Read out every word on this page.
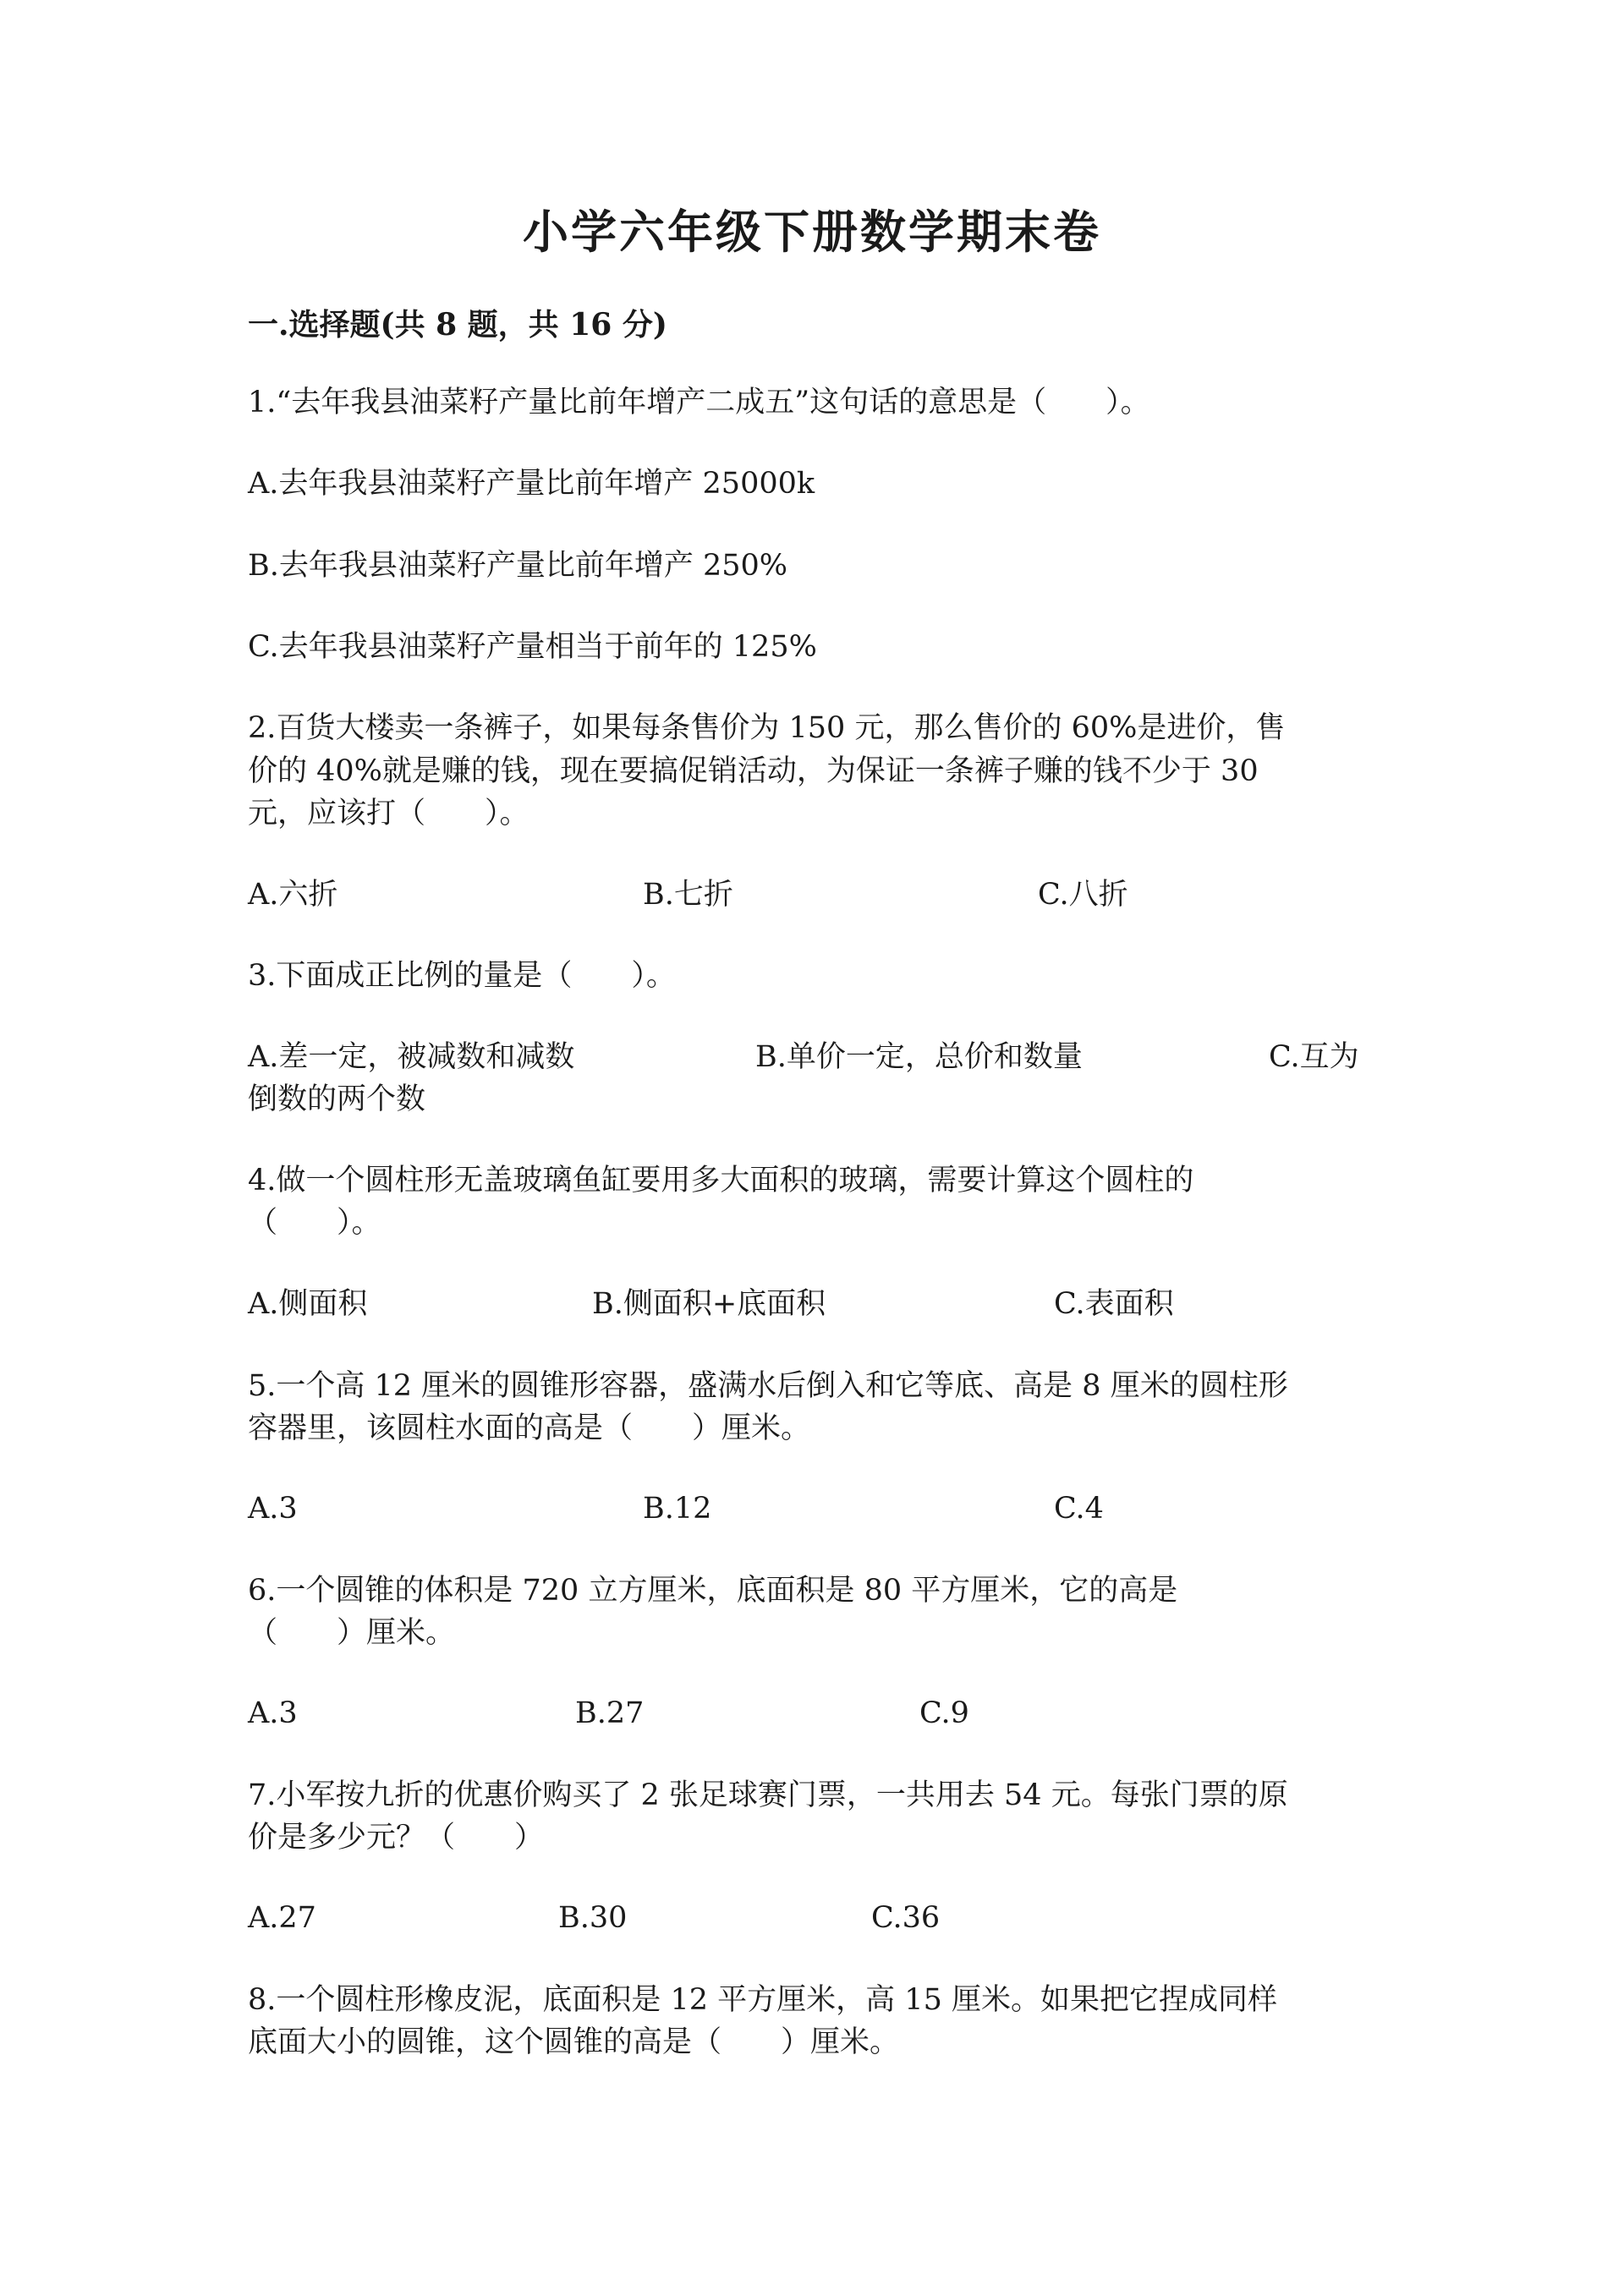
小学六年级下册数学期末卷
一.选择题(共 8 题，共 16 分)
1.“去年我县油菜籽产量比前年增产二成五”这句话的意思是（　　）。
A.去年我县油菜籽产量比前年增产 25000k
B.去年我县油菜籽产量比前年增产 250%
C.去年我县油菜籽产量相当于前年的 125%
2.百货大楼卖一条裤子，如果每条售价为 150 元，那么售价的 60%是进价，售
价的 40%就是赚的钱，现在要搞促销活动，为保证一条裤子赚的钱不少于 30
元，应该打（　　）。
A.六折	B.七折	C.八折
3.下面成正比例的量是（　　）。
A.差一定，被减数和减数	B.单价一定，总价和数量	C.互为
倒数的两个数
4.做一个圆柱形无盖玻璃鱼缸要用多大面积的玻璃，需要计算这个圆柱的
（　　）。
A.侧面积	B.侧面积+底面积	C.表面积
5.一个高 12 厘米的圆锥形容器，盛满水后倒入和它等底、高是 8 厘米的圆柱形
容器里，该圆柱水面的高是（　　）厘米。
A.3	B.12	C.4
6.一个圆锥的体积是 720 立方厘米，底面积是 80 平方厘米，它的高是
（　　）厘米。
A.3	B.27	C.9
7.小军按九折的优惠价购买了 2 张足球赛门票，一共用去 54 元。每张门票的原
价是多少元？（　　）
A.27	B.30	C.36
8.一个圆柱形橡皮泥，底面积是 12 平方厘米，高 15 厘米。如果把它捏成同样
底面大小的圆锥，这个圆锥的高是（　　）厘米。
